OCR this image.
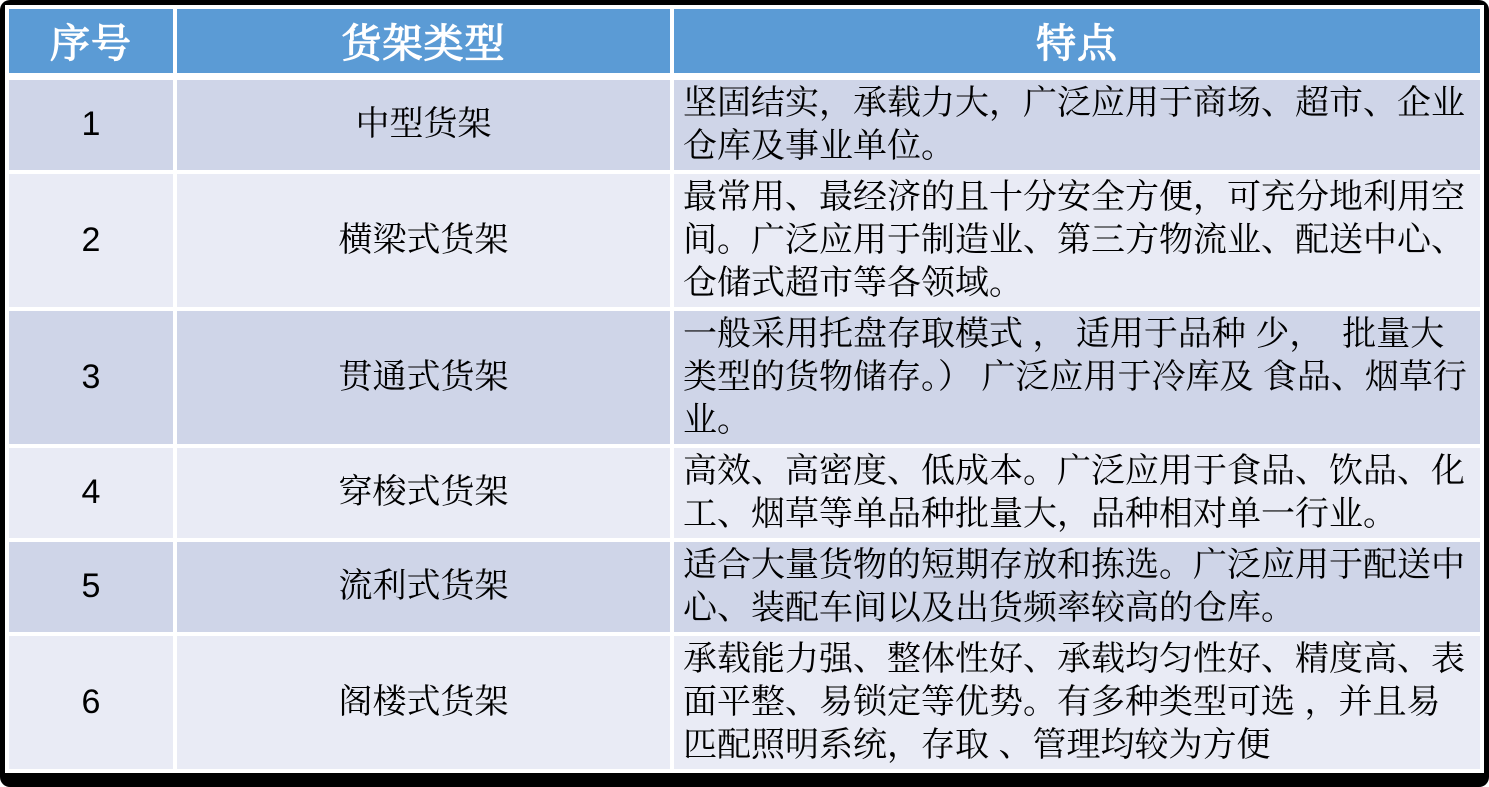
序号	货架类型	特点
1	中型货架	坚固结实，承载力大，广泛应用于商场、超市、企业仓库及事业单位。
2	横梁式货架	最常用、最经济的且十分安全方便，可充分地利用空间。广泛应用于制造业、第三方物流业、配送中心、仓储式超市等各领域。
3	贯通式货架	一般采用托盘存取模式 ， 适用于品种 少，  批量大类型的货物储存。） 广泛应用于冷库及 食品、烟草行业。
4	穿梭式货架	高效、高密度、低成本。广泛应用于食品、饮品、化工、烟草等单品种批量大，品种相对单一行业。
5	流利式货架	适合大量货物的短期存放和拣选。广泛应用于配送中心、装配车间以及出货频率较高的仓库。
6	阁楼式货架	承载能力强、整体性好、承载均匀性好、精度高、表面平整、易锁定等优势。有多种类型可选 ，并且易匹配照明系统，存取 、管理均较为方便
